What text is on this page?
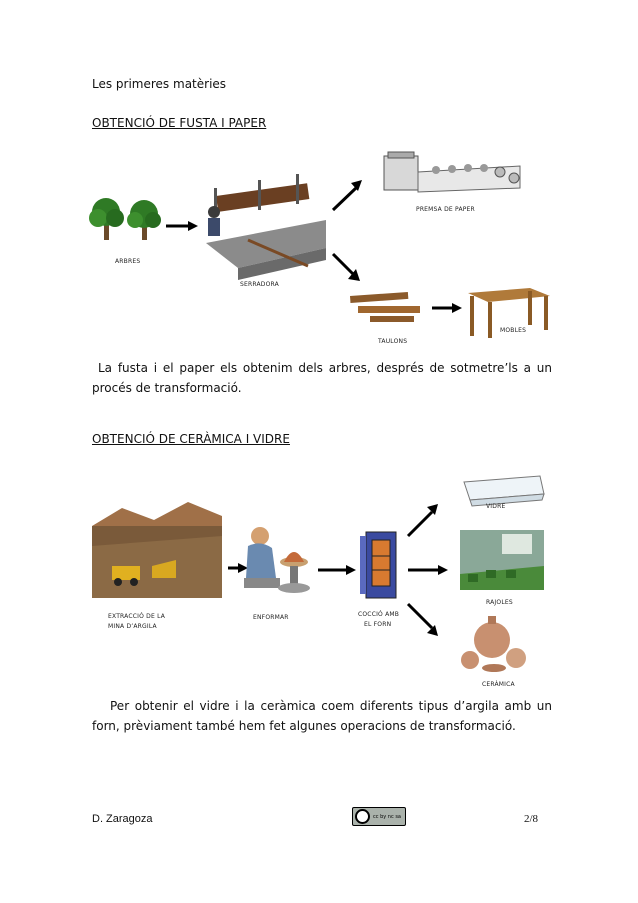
Les primeres matèries
OBTENCIÓ DE FUSTA I PAPER
ARBRES
SERRADORA
PREMSA DE PAPER
TAULONS
MOBLES
La fusta i el paper els obtenim dels arbres, després de sotmetre’ls a un procés de transformació.
OBTENCIÓ DE CERÀMICA I VIDRE
EXTRACCIÓ DE LA
MINA D’ARGILA
ENFORMAR	COCCIÓ AMB
EL FORN
VIDRE
RAJOLES
CERÀMICA
Per obtenir el vidre i la ceràmica coem diferents tipus d’argila amb un forn, prèviament també hem fet algunes operacions de transformació.
D. Zaragoza	cc by nc sa	2/8
